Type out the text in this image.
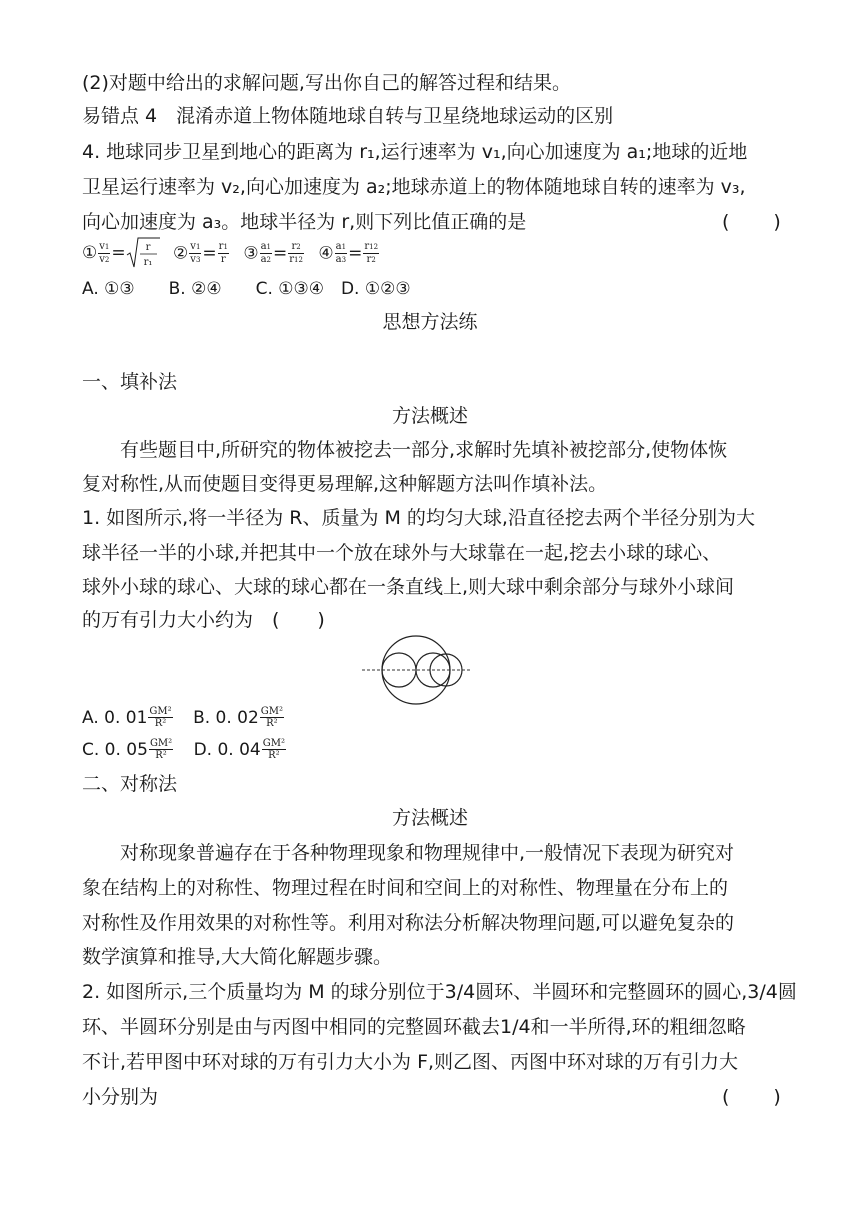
(2)对题中给出的求解问题,写出你自己的解答过程和结果。
易错点 4　混淆赤道上物体随地球自转与卫星绕地球运动的区别
4. 地球同步卫星到地心的距离为 r₁,运行速率为 v₁,向心加速度为 a₁;地球的近地
卫星运行速率为 v₂,向心加速度为 a₂;地球赤道上的物体随地球自转的速率为 v₃,
向心加速度为 a₃。地球半径为 r,则下列比值正确的是	(　　)
① $\frac{v1}{v2} = r$
r₁ ② $\frac{v1}{v3} = \frac{r1}{r}$ ③ $\frac{a1}{a2} = \frac{r2}{r12}$ ④ $\frac{a1}{a3} = \frac{r12}{r2}$
A. ①③　　B. ②④　　C. ①③④　D. ①②③
思想方法练
一、填补法
方法概述
有些题目中,所研究的物体被挖去一部分,求解时先填补被挖部分,使物体恢
复对称性,从而使题目变得更易理解,这种解题方法叫作填补法。
1. 如图所示,将一半径为 R、质量为 M 的均匀大球,沿直径挖去两个半径分别为大
球半径一半的小球,并把其中一个放在球外与大球靠在一起,挖去小球的球心、
球外小球的球心、大球的球心都在一条直线上,则大球中剩余部分与球外小球间
的万有引力大小约为　(　　)
A. 0. $01 \frac{\text{GM²}}{\text{R²}} B$. 0. $02 \frac{\text{GM²}}{\text{R²}}$
C. 0. $05 \frac{\text{GM²}}{\text{R²}} D$. 0. $04 \frac{\text{GM²}}{\text{R²}}$
二、对称法
方法概述
对称现象普遍存在于各种物理现象和物理规律中,一般情况下表现为研究对
象在结构上的对称性、物理过程在时间和空间上的对称性、物理量在分布上的
对称性及作用效果的对称性等。利用对称法分析解决物理问题,可以避免复杂的
数学演算和推导,大大简化解题步骤。
2. 如图所示,三个质量均为 M 的球分别位于3/4圆环、半圆环和完整圆环的圆心,3/4圆
环、半圆环分别是由与丙图中相同的完整圆环截去1/4和一半所得,环的粗细忽略
不计,若甲图中环对球的万有引力大小为 F,则乙图、丙图中环对球的万有引力大
小分别为	(　　)
